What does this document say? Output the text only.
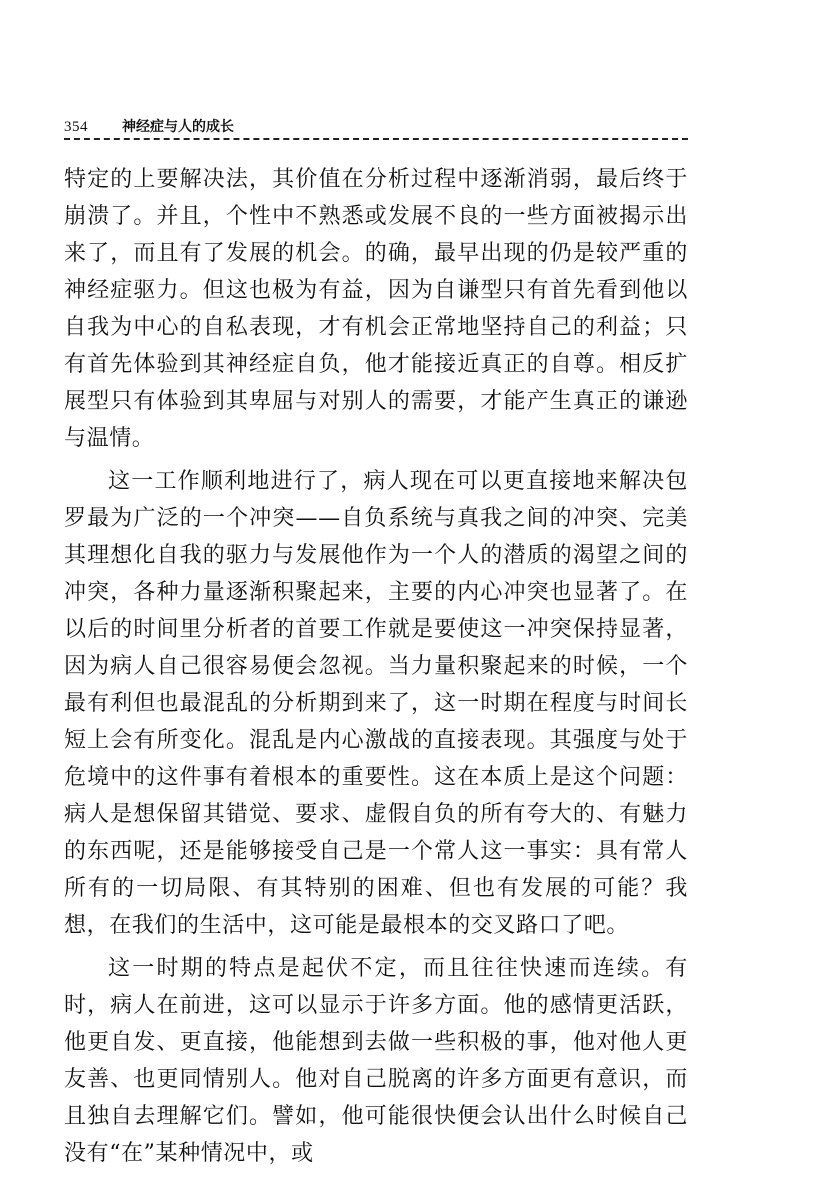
354 神经症与人的成长

特定的上要解决法，其价值在分析过程中逐渐消弱，最后终于崩溃了。并且，个性中不熟悉或发展不良的一些方面被揭示出来了，而且有了发展的机会。的确，最早出现的仍是较严重的神经症驱力。但这也极为有益，因为自谦型只有首先看到他以自我为中心的自私表现，才有机会正常地坚持自己的利益；只有首先体验到其神经症自负，他才能接近真正的自尊。相反扩展型只有体验到其卑屈与对别人的需要，才能产生真正的谦逊与温情。

这一工作顺利地进行了，病人现在可以更直接地来解决包罗最为广泛的一个冲突——自负系统与真我之间的冲突、完美其理想化自我的驱力与发展他作为一个人的潜质的渴望之间的冲突，各种力量逐渐积聚起来，主要的内心冲突也显著了。在以后的时间里分析者的首要工作就是要使这一冲突保持显著，因为病人自己很容易便会忽视。当力量积聚起来的时候，一个最有利但也最混乱的分析期到来了，这一时期在程度与时间长短上会有所变化。混乱是内心激战的直接表现。其强度与处于危境中的这件事有着根本的重要性。这在本质上是这个问题：病人是想保留其错觉、要求、虚假自负的所有夸大的、有魅力的东西呢，还是能够接受自己是一个常人这一事实：具有常人所有的一切局限、有其特别的困难、但也有发展的可能？我想，在我们的生活中，这可能是最根本的交叉路口了吧。

这一时期的特点是起伏不定，而且往往快速而连续。有时，病人在前进，这可以显示于许多方面。他的感情更活跃，他更自发、更直接，他能想到去做一些积极的事，他对他人更友善、也更同情别人。他对自己脱离的许多方面更有意识，而且独自去理解它们。譬如，他可能很快便会认出什么时候自己没有“在”某种情况中，或
